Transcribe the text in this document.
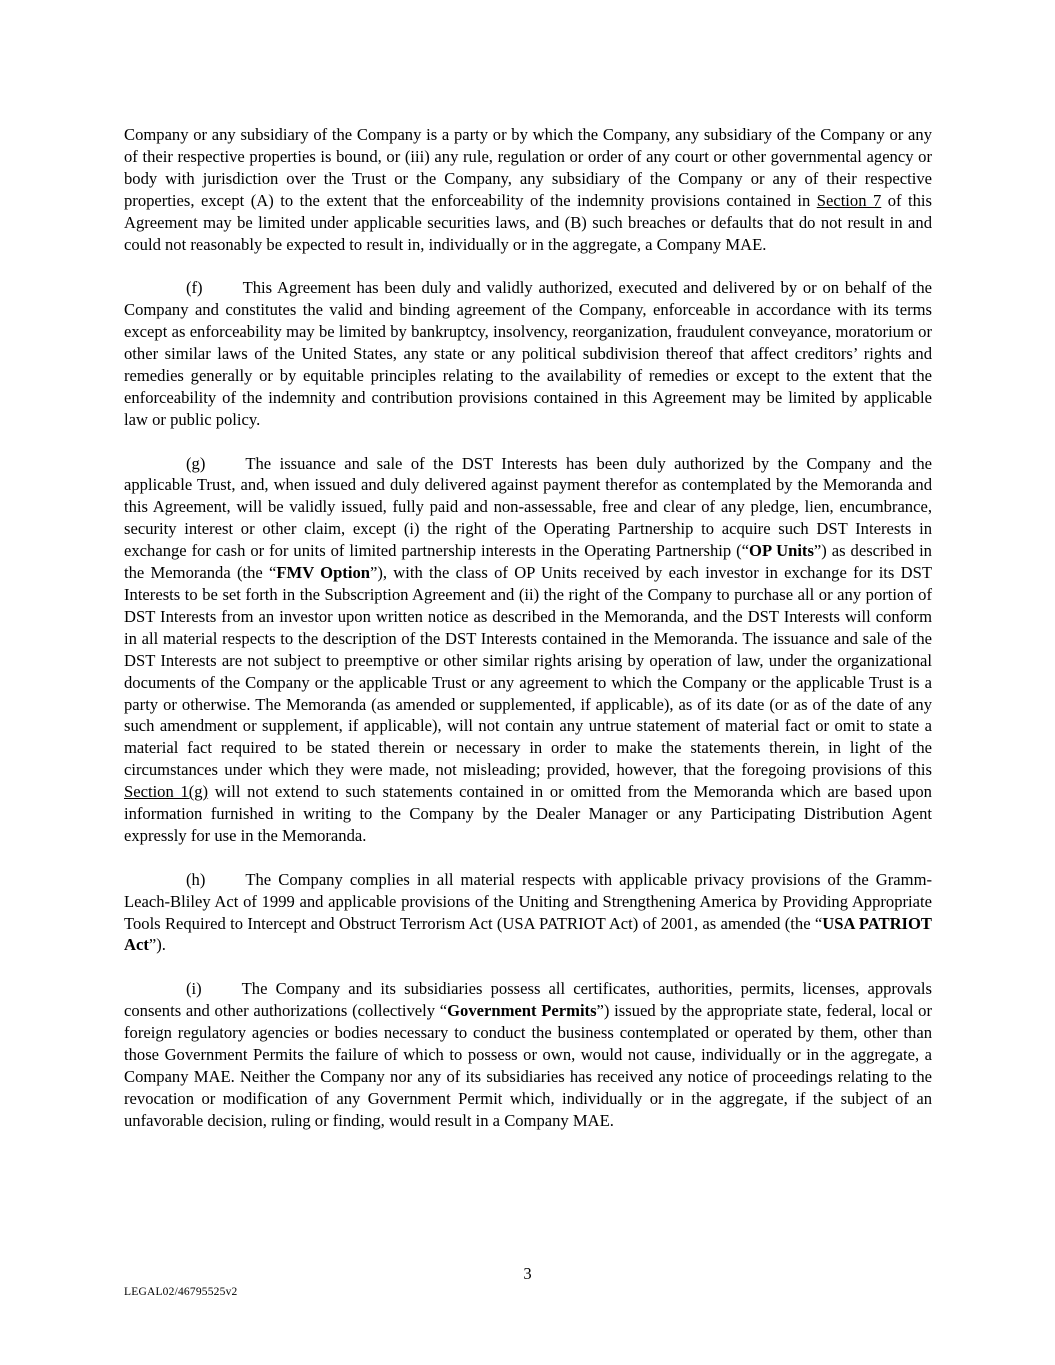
Company or any subsidiary of the Company is a party or by which the Company, any subsidiary of the Company or any of their respective properties is bound, or (iii) any rule, regulation or order of any court or other governmental agency or body with jurisdiction over the Trust or the Company, any subsidiary of the Company or any of their respective properties, except (A) to the extent that the enforceability of the indemnity provisions contained in Section 7 of this Agreement may be limited under applicable securities laws, and (B) such breaches or defaults that do not result in and could not reasonably be expected to result in, individually or in the aggregate, a Company MAE.

(f) This Agreement has been duly and validly authorized, executed and delivered by or on behalf of the Company and constitutes the valid and binding agreement of the Company, enforceable in accordance with its terms except as enforceability may be limited by bankruptcy, insolvency, reorganization, fraudulent conveyance, moratorium or other similar laws of the United States, any state or any political subdivision thereof that affect creditors’ rights and remedies generally or by equitable principles relating to the availability of remedies or except to the extent that the enforceability of the indemnity and contribution provisions contained in this Agreement may be limited by applicable law or public policy.

(g) The issuance and sale of the DST Interests has been duly authorized by the Company and the applicable Trust, and, when issued and duly delivered against payment therefor as contemplated by the Memoranda and this Agreement, will be validly issued, fully paid and non-assessable, free and clear of any pledge, lien, encumbrance, security interest or other claim, except (i) the right of the Operating Partnership to acquire such DST Interests in exchange for cash or for units of limited partnership interests in the Operating Partnership (“OP Units”) as described in the Memoranda (the “FMV Option”), with the class of OP Units received by each investor in exchange for its DST Interests to be set forth in the Subscription Agreement and (ii) the right of the Company to purchase all or any portion of DST Interests from an investor upon written notice as described in the Memoranda, and the DST Interests will conform in all material respects to the description of the DST Interests contained in the Memoranda. The issuance and sale of the DST Interests are not subject to preemptive or other similar rights arising by operation of law, under the organizational documents of the Company or the applicable Trust or any agreement to which the Company or the applicable Trust is a party or otherwise. The Memoranda (as amended or supplemented, if applicable), as of its date (or as of the date of any such amendment or supplement, if applicable), will not contain any untrue statement of material fact or omit to state a material fact required to be stated therein or necessary in order to make the statements therein, in light of the circumstances under which they were made, not misleading; provided, however, that the foregoing provisions of this Section 1(g) will not extend to such statements contained in or omitted from the Memoranda which are based upon information furnished in writing to the Company by the Dealer Manager or any Participating Distribution Agent expressly for use in the Memoranda.

(h) The Company complies in all material respects with applicable privacy provisions of the Gramm-Leach-Bliley Act of 1999 and applicable provisions of the Uniting and Strengthening America by Providing Appropriate Tools Required to Intercept and Obstruct Terrorism Act (USA PATRIOT Act) of 2001, as amended (the “USA PATRIOT Act”).

(i) The Company and its subsidiaries possess all certificates, authorities, permits, licenses, approvals consents and other authorizations (collectively “Government Permits”) issued by the appropriate state, federal, local or foreign regulatory agencies or bodies necessary to conduct the business contemplated or operated by them, other than those Government Permits the failure of which to possess or own, would not cause, individually or in the aggregate, a Company MAE. Neither the Company nor any of its subsidiaries has received any notice of proceedings relating to the revocation or modification of any Government Permit which, individually or in the aggregate, if the subject of an unfavorable decision, ruling or finding, would result in a Company MAE.

3
LEGAL02/46795525v2
